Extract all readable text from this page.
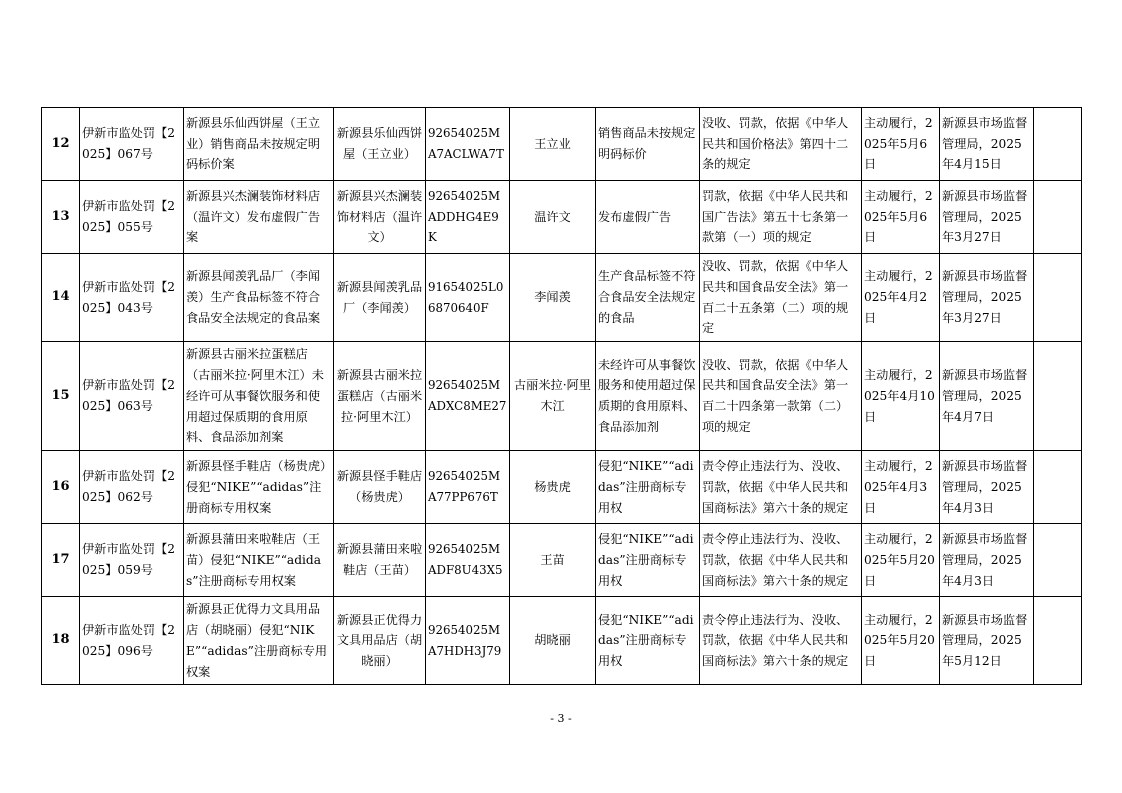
12	伊新市监处罚【2025】067号	新源县乐仙西饼屋（王立业）销售商品未按规定明码标价案	新源县乐仙西饼屋（王立业）	92654025MA7ACLWA7T	王立业	销售商品未按规定明码标价	没收、罚款，依据《中华人民共和国价格法》第四十二条的规定	主动履行，2025年5月6日	新源县市场监督管理局，2025年4月15日	
13	伊新市监处罚【2025】055号	新源县兴杰澜装饰材料店（温许文）发布虚假广告案	新源县兴杰澜装饰材料店（温许文）	92654025MADDHG4E9K	温许文	发布虚假广告	罚款，依据《中华人民共和国广告法》第五十七条第一款第（一）项的规定	主动履行，2025年5月6日	新源县市场监督管理局，2025年3月27日	
14	伊新市监处罚【2025】043号	新源县闻羡乳品厂（李闻羡）生产食品标签不符合食品安全法规定的食品案	新源县闻羡乳品厂（李闻羡）	91654025L06870640F	李闻羡	生产食品标签不符合食品安全法规定的食品	没收、罚款，依据《中华人民共和国食品安全法》第一百二十五条第（二）项的规定	主动履行，2025年4月2日	新源县市场监督管理局，2025年3月27日	
15	伊新市监处罚【2025】063号	新源县古丽米拉蛋糕店（古丽米拉·阿里木江）未经许可从事餐饮服务和使用超过保质期的食用原料、食品添加剂案	新源县古丽米拉蛋糕店（古丽米拉·阿里木江）	92654025MADXC8ME27	古丽米拉·阿里木江	未经许可从事餐饮服务和使用超过保质期的食用原料、食品添加剂	没收、罚款，依据《中华人民共和国食品安全法》第一百二十四条第一款第（二）项的规定	主动履行，2025年4月10日	新源县市场监督管理局，2025年4月7日	
16	伊新市监处罚【2025】062号	新源县怪手鞋店（杨贵虎）侵犯“NIKE”“adidas”注册商标专用权案	新源县怪手鞋店（杨贵虎）	92654025MA77PP676T	杨贵虎	侵犯“NIKE”“adidas”注册商标专用权	责令停止违法行为、没收、罚款，依据《中华人民共和国商标法》第六十条的规定	主动履行，2025年4月3日	新源县市场监督管理局，2025年4月3日	
17	伊新市监处罚【2025】059号	新源县蒲田来啦鞋店（王苗）侵犯“NIKE”“adidas”注册商标专用权案	新源县蒲田来啦鞋店（王苗）	92654025MADF8U43X5	王苗	侵犯“NIKE”“adidas”注册商标专用权	责令停止违法行为、没收、罚款，依据《中华人民共和国商标法》第六十条的规定	主动履行，2025年5月20日	新源县市场监督管理局，2025年4月3日	
18	伊新市监处罚【2025】096号	新源县正优得力文具用品店（胡晓丽）侵犯“NIKE”“adidas”注册商标专用权案	新源县正优得力文具用品店（胡晓丽）	92654025MA7HDH3J79	胡晓丽	侵犯“NIKE”“adidas”注册商标专用权	责令停止违法行为、没收、罚款，依据《中华人民共和国商标法》第六十条的规定	主动履行，2025年5月20日	新源县市场监督管理局，2025年5月12日	
- 3 -
